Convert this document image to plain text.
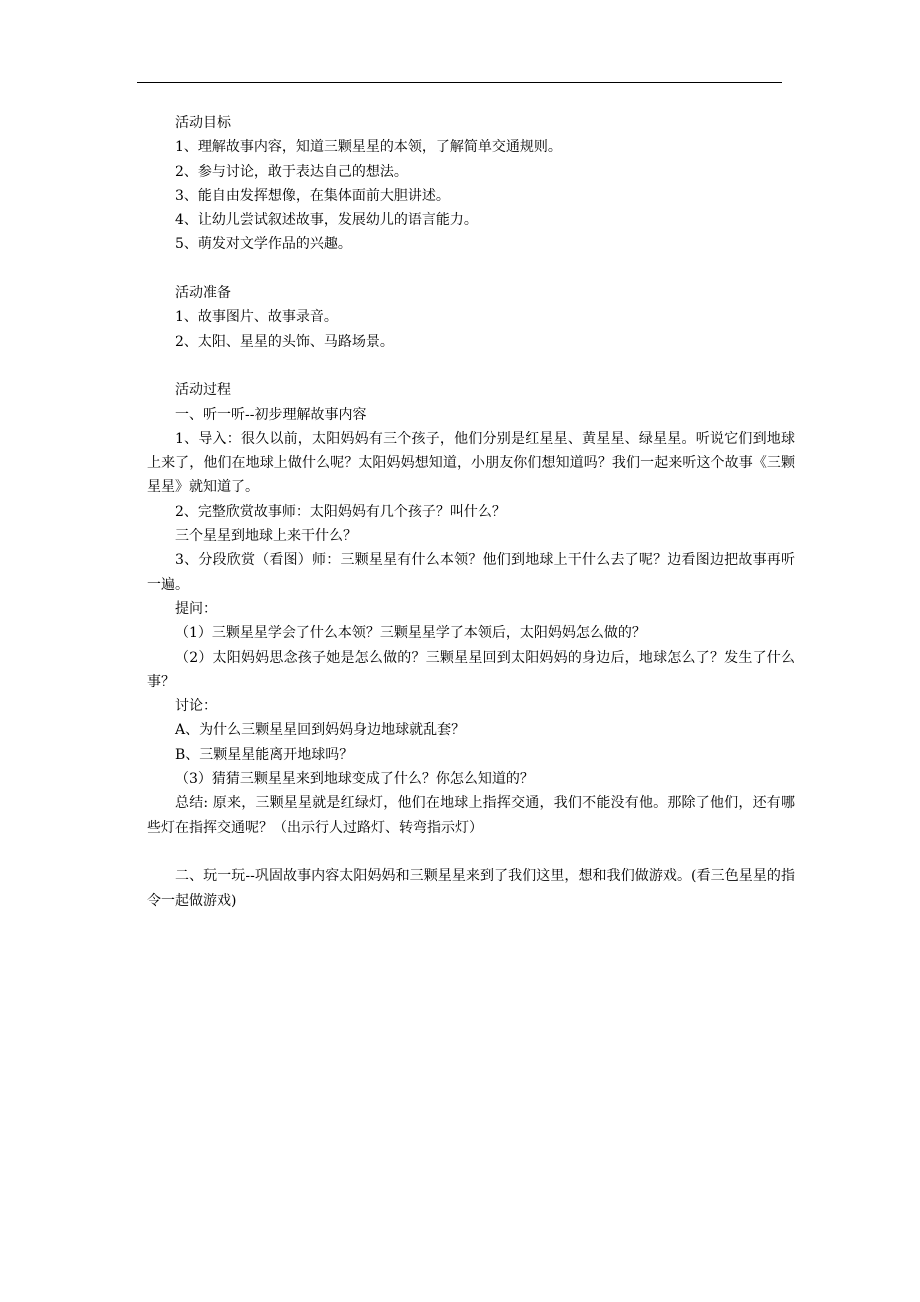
活动目标
1、理解故事内容，知道三颗星星的本领，了解简单交通规则。
2、参与讨论，敢于表达自己的想法。
3、能自由发挥想像，在集体面前大胆讲述。
4、让幼儿尝试叙述故事，发展幼儿的语言能力。
5、萌发对文学作品的兴趣。
活动准备
1、故事图片、故事录音。
2、太阳、星星的头饰、马路场景。
活动过程
一、听一听--初步理解故事内容
1、导入：很久以前，太阳妈妈有三个孩子，他们分别是红星星、黄星星、绿星星。听说它们到地球上来了，他们在地球上做什么呢？太阳妈妈想知道，小朋友你们想知道吗？我们一起来听这个故事《三颗星星》就知道了。
2、完整欣赏故事师：太阳妈妈有几个孩子？叫什么？
三个星星到地球上来干什么？
3、分段欣赏（看图）师：三颗星星有什么本领？他们到地球上干什么去了呢？边看图边把故事再听一遍。
提问：
（1）三颗星星学会了什么本领？三颗星星学了本领后，太阳妈妈怎么做的？
（2）太阳妈妈思念孩子她是怎么做的？三颗星星回到太阳妈妈的身边后，地球怎么了？发生了什么事？
讨论：
A、为什么三颗星星回到妈妈身边地球就乱套？
B、三颗星星能离开地球吗？
（3）猜猜三颗星星来到地球变成了什么？你怎么知道的？
总结: 原来，三颗星星就是红绿灯，他们在地球上指挥交通，我们不能没有他。那除了他们，还有哪些灯在指挥交通呢？（出示行人过路灯、转弯指示灯）
二、玩一玩--巩固故事内容太阳妈妈和三颗星星来到了我们这里，想和我们做游戏。(看三色星星的指令一起做游戏)
